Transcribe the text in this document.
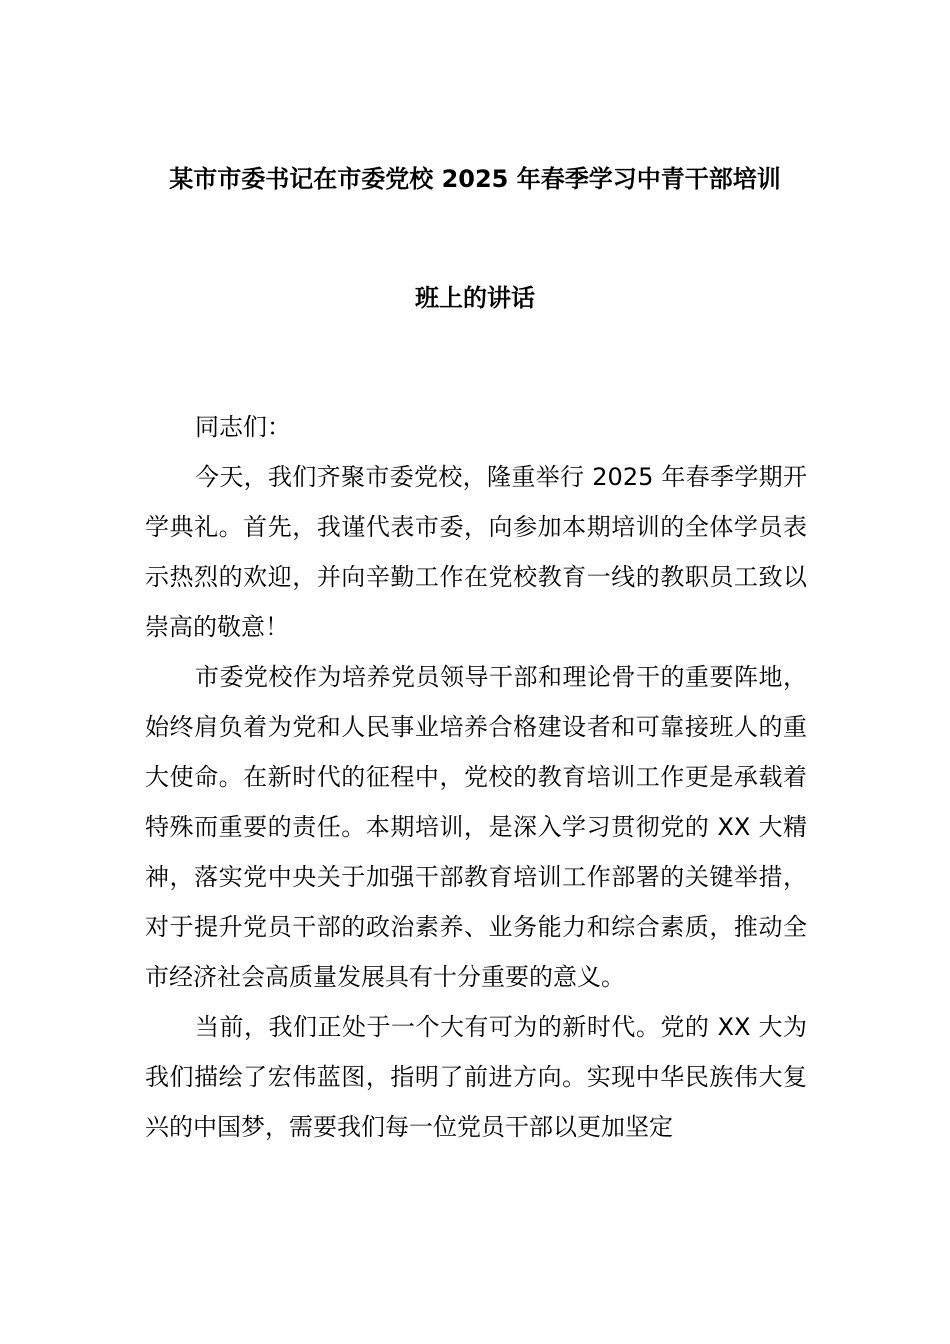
某市市委书记在市委党校 2025 年春季学习中青干部培训
班上的讲话

同志们：

今天，我们齐聚市委党校，隆重举行 2025 年春季学期开学典礼。首先，我谨代表市委，向参加本期培训的全体学员表示热烈的欢迎，并向辛勤工作在党校教育一线的教职员工致以崇高的敬意！

市委党校作为培养党员领导干部和理论骨干的重要阵地，始终肩负着为党和人民事业培养合格建设者和可靠接班人的重大使命。在新时代的征程中，党校的教育培训工作更是承载着特殊而重要的责任。本期培训，是深入学习贯彻党的 XX 大精神，落实党中央关于加强干部教育培训工作部署的关键举措，对于提升党员干部的政治素养、业务能力和综合素质，推动全市经济社会高质量发展具有十分重要的意义。

当前，我们正处于一个大有可为的新时代。党的 XX 大为我们描绘了宏伟蓝图，指明了前进方向。实现中华民族伟大复兴的中国梦，需要我们每一位党员干部以更加坚定
